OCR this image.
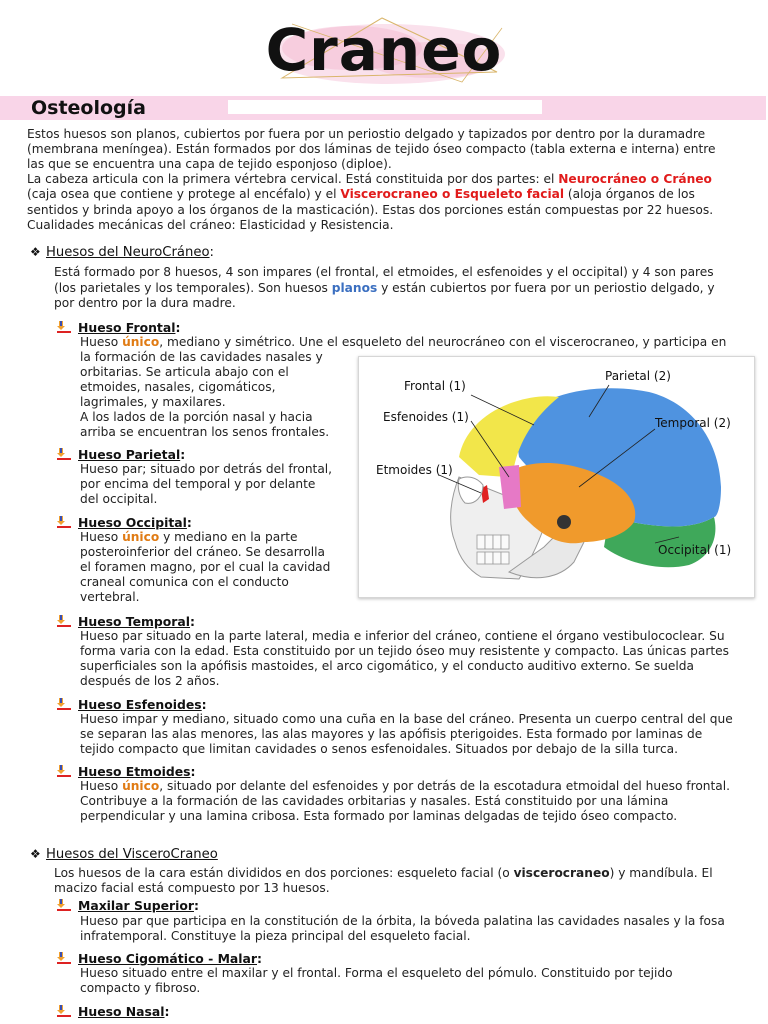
Craneo
Osteología
Estos huesos son planos, cubiertos por fuera por un periostio delgado y tapizados por dentro por la duramadre
(membrana meníngea). Están formados por dos láminas de tejido óseo compacto (tabla externa e interna) entre
las que se encuentra una capa de tejido esponjoso (diploe).
La cabeza articula con la primera vértebra cervical. Está constituida por dos partes: el Neurocráneo o Cráneo
(caja osea que contiene y protege al encéfalo) y el Viscerocraneo o Esqueleto facial (aloja órganos de los
sentidos y brinda apoyo a los órganos de la masticación). Estas dos porciones están compuestas por 22 huesos.
Cualidades mecánicas del cráneo: Elasticidad y Resistencia.
❖ Huesos del NeuroCráneo:
Está formado por 8 huesos, 4 son impares (el frontal, el etmoides, el esfenoides y el occipital) y 4 son pares
(los parietales y los temporales). Son huesos planos y están cubiertos por fuera por un periostio delgado, y
por dentro por la dura madre.
Hueso Frontal:
Hueso único, mediano y simétrico. Une el esqueleto del neurocráneo con el viscerocraneo, y participa en
la formación de las cavidades nasales y
orbitarias. Se articula abajo con el
etmoides, nasales, cigomáticos,
lagrimales, y maxilares.
A los lados de la porción nasal y hacia
arriba se encuentran los senos frontales.
Hueso Parietal:
Hueso par; situado por detrás del frontal,
por encima del temporal y por delante
del occipital.
Hueso Occipital:
Hueso único y mediano en la parte
posteroinferior del cráneo. Se desarrolla
el foramen magno, por el cual la cavidad
craneal comunica con el conducto
vertebral.
Frontal (1)
Parietal (2)
Esfenoides (1)	Temporal (2)
Etmoides (1)
Occipital (1)
Hueso Temporal:
Hueso par situado en la parte lateral, media e inferior del cráneo, contiene el órgano vestibulococlear. Su
forma varia con la edad. Esta constituido por un tejido óseo muy resistente y compacto. Las únicas partes
superficiales son la apófisis mastoides, el arco cigomático, y el conducto auditivo externo. Se suelda
después de los 2 años.
Hueso Esfenoides:
Hueso impar y mediano, situado como una cuña en la base del cráneo. Presenta un cuerpo central del que
se separan las alas menores, las alas mayores y las apófisis pterigoides. Esta formado por laminas de
tejido compacto que limitan cavidades o senos esfenoidales. Situados por debajo de la silla turca.
Hueso Etmoides:
Hueso único, situado por delante del esfenoides y por detrás de la escotadura etmoidal del hueso frontal.
Contribuye a la formación de las cavidades orbitarias y nasales. Está constituido por una lámina
perpendicular y una lamina cribosa. Esta formado por laminas delgadas de tejido óseo compacto.
❖ Huesos del VisceroCraneo
Los huesos de la cara están divididos en dos porciones: esqueleto facial (o viscerocraneo) y mandíbula. El
macizo facial está compuesto por 13 huesos.
Maxilar Superior:
Hueso par que participa en la constitución de la órbita, la bóveda palatina las cavidades nasales y la fosa
infratemporal. Constituye la pieza principal del esqueleto facial.
Hueso Cigomático - Malar:
Hueso situado entre el maxilar y el frontal. Forma el esqueleto del pómulo. Constituido por tejido
compacto y fibroso.
Hueso Nasal:
